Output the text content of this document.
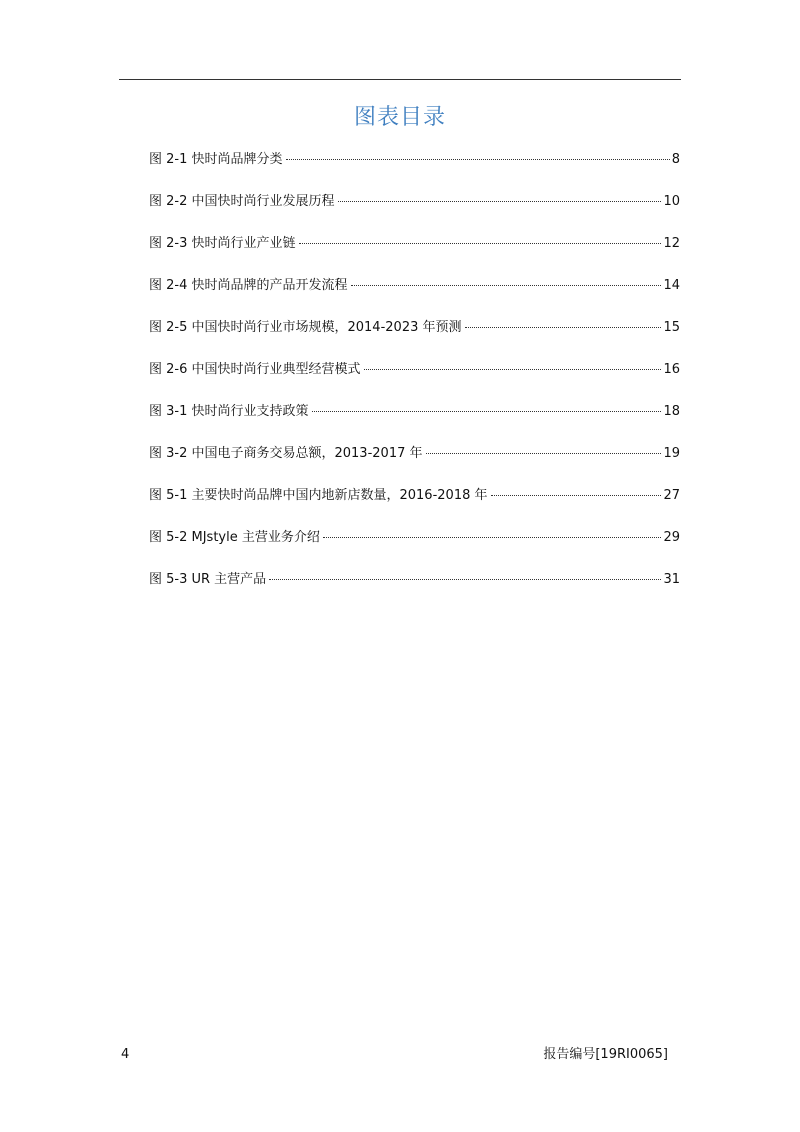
图表目录
图 2-1 快时尚品牌分类	8
图 2-2 中国快时尚行业发展历程	10
图 2-3 快时尚行业产业链	12
图 2-4 快时尚品牌的产品开发流程	14
图 2-5 中国快时尚行业市场规模，2014-2023 年预测	15
图 2-6 中国快时尚行业典型经营模式	16
图 3-1 快时尚行业支持政策	18
图 3-2 中国电子商务交易总额，2013-2017 年	19
图 5-1 主要快时尚品牌中国内地新店数量，2016-2018 年	27
图 5-2 MJstyle 主营业务介绍	29
图 5-3 UR 主营产品	31
4	报告编号[19RI0065]
